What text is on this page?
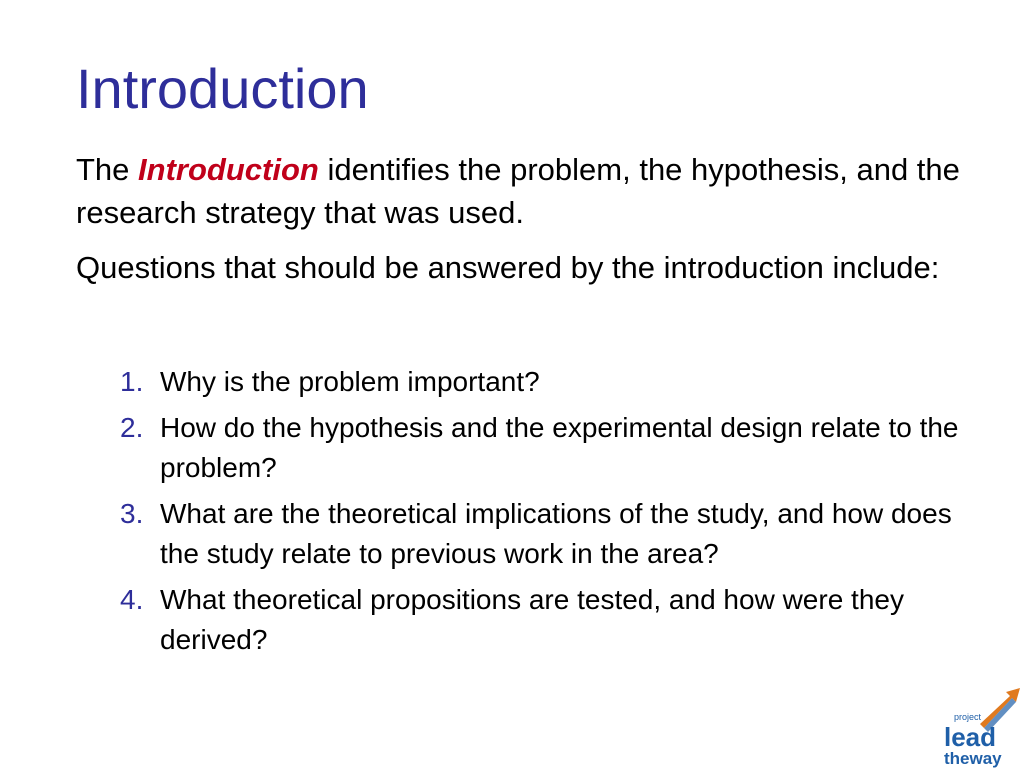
Introduction

The Introduction identifies the problem, the hypothesis, and the research strategy that was used.

Questions that should be answered by the introduction include:

1. Why is the problem important?
2. How do the hypothesis and the experimental design relate to the problem?
3. What are the theoretical implications of the study, and how does the study relate to previous work in the area?
4. What theoretical propositions are tested, and how were they derived?
project
lead
theway
